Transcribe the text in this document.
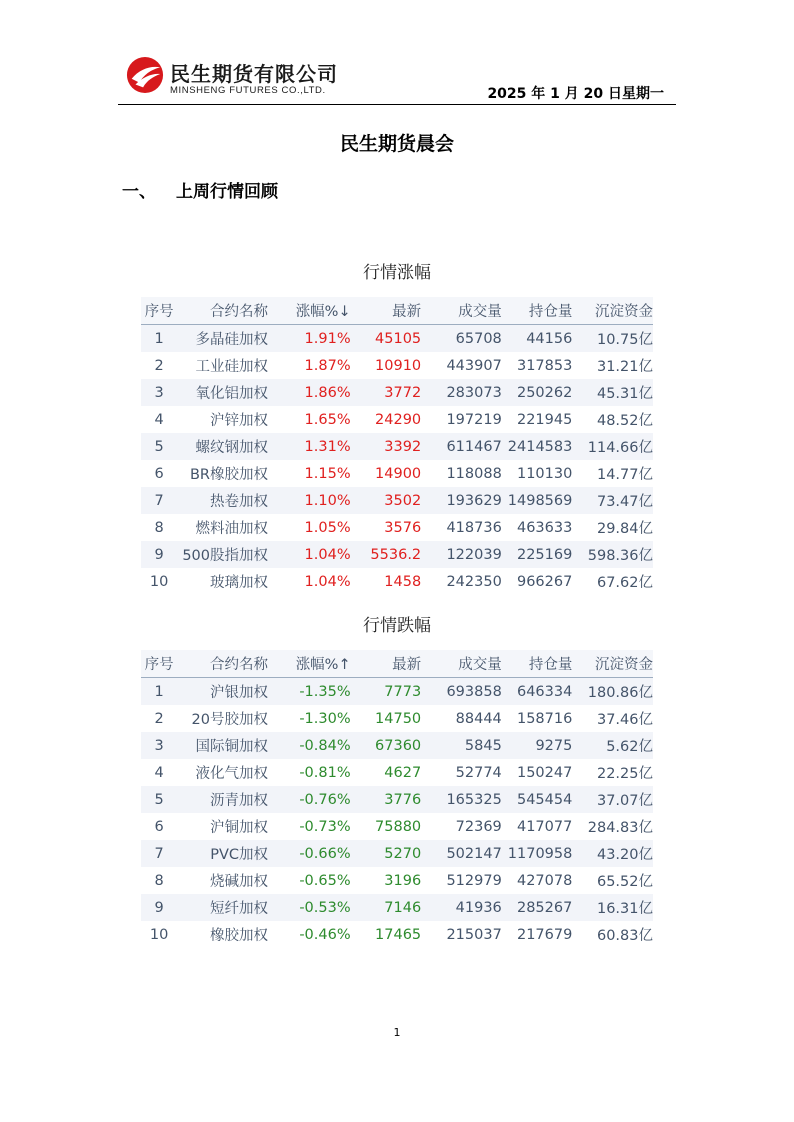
民生期货有限公司
MINSHENG FUTURES CO.,LTD.	2025 年 1 月 20 日星期一
民生期货晨会
一、 上周行情回顾
行情涨幅
序号	合约名称	涨幅%↓	最新	成交量	持仓量	沉淀资金
1	多晶硅加权	1.91%	45105	65708	44156	10.75亿
2	工业硅加权	1.87%	10910	443907	317853	31.21亿
3	氧化铝加权	1.86%	3772	283073	250262	45.31亿
4	沪锌加权	1.65%	24290	197219	221945	48.52亿
5	螺纹钢加权	1.31%	3392	611467	2414583	114.66亿
6	BR橡胶加权	1.15%	14900	118088	110130	14.77亿
7	热卷加权	1.10%	3502	193629	1498569	73.47亿
8	燃料油加权	1.05%	3576	418736	463633	29.84亿
9	500股指加权	1.04%	5536.2	122039	225169	598.36亿
10	玻璃加权	1.04%	1458	242350	966267	67.62亿
行情跌幅
序号	合约名称	涨幅%↑	最新	成交量	持仓量	沉淀资金
1	沪银加权	-1.35%	7773	693858	646334	180.86亿
2	20号胶加权	-1.30%	14750	88444	158716	37.46亿
3	国际铜加权	-0.84%	67360	5845	9275	5.62亿
4	液化气加权	-0.81%	4627	52774	150247	22.25亿
5	沥青加权	-0.76%	3776	165325	545454	37.07亿
6	沪铜加权	-0.73%	75880	72369	417077	284.83亿
7	PVC加权	-0.66%	5270	502147	1170958	43.20亿
8	烧碱加权	-0.65%	3196	512979	427078	65.52亿
9	短纤加权	-0.53%	7146	41936	285267	16.31亿
10	橡胶加权	-0.46%	17465	215037	217679	60.83亿
1
